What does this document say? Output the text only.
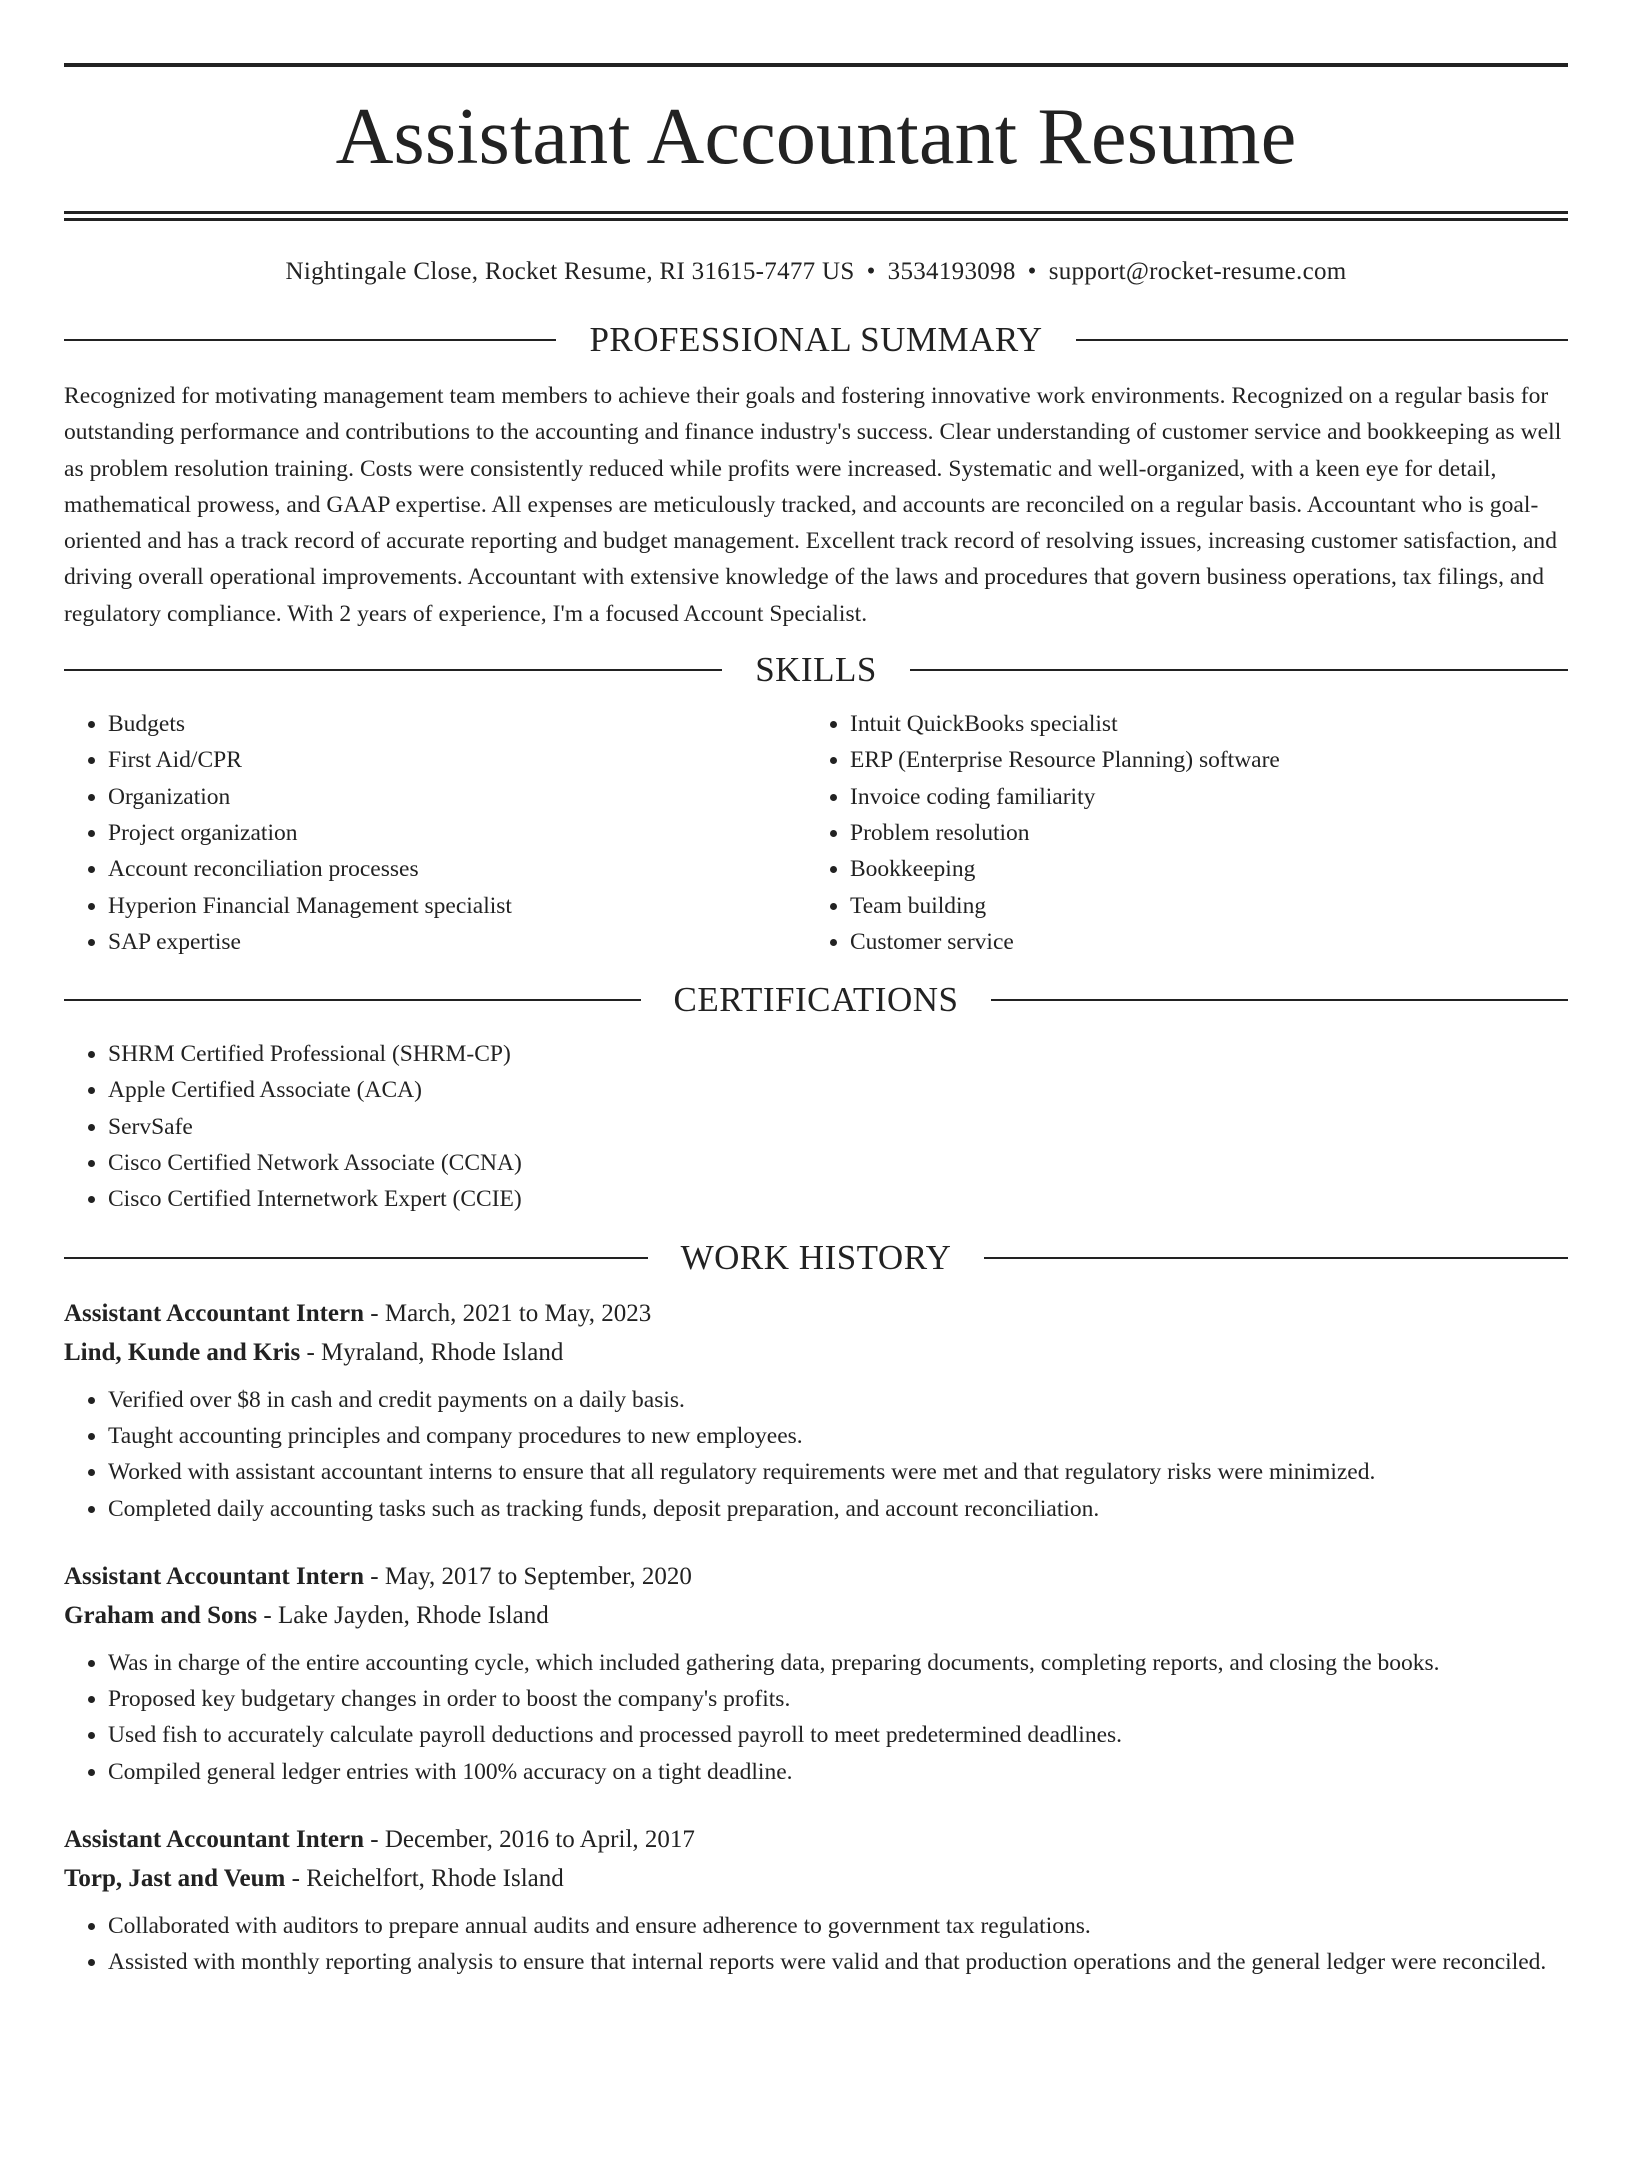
Assistant Accountant Resume
Nightingale Close, Rocket Resume, RI 31615-7477 US • 3534193098 • support@rocket-resume.com
PROFESSIONAL SUMMARY

Recognized for motivating management team members to achieve their goals and fostering innovative work environments. Recognized on a regular basis for outstanding performance and contributions to the accounting and finance industry's success. Clear understanding of customer service and bookkeeping as well as problem resolution training. Costs were consistently reduced while profits were increased. Systematic and well-organized, with a keen eye for detail, mathematical prowess, and GAAP expertise. All expenses are meticulously tracked, and accounts are reconciled on a regular basis. Accountant who is goal-oriented and has a track record of accurate reporting and budget management. Excellent track record of resolving issues, increasing customer satisfaction, and driving overall operational improvements. Accountant with extensive knowledge of the laws and procedures that govern business operations, tax filings, and regulatory compliance. With 2 years of experience, I'm a focused Account Specialist.

SKILLS
• Budgets
• First Aid/CPR
• Organization
• Project organization
• Account reconciliation processes
• Hyperion Financial Management specialist
• SAP expertise
• Intuit QuickBooks specialist
• ERP (Enterprise Resource Planning) software
• Invoice coding familiarity
• Problem resolution
• Bookkeeping
• Team building
• Customer service
CERTIFICATIONS
• SHRM Certified Professional (SHRM-CP)
• Apple Certified Associate (ACA)
• ServSafe
• Cisco Certified Network Associate (CCNA)
• Cisco Certified Internetwork Expert (CCIE)
WORK HISTORY
Assistant Accountant Intern - March, 2021 to May, 2023
Lind, Kunde and Kris - Myraland, Rhode Island
• Verified over $8 in cash and credit payments on a daily basis.
• Taught accounting principles and company procedures to new employees.
• Worked with assistant accountant interns to ensure that all regulatory requirements were met and that regulatory risks were minimized.
• Completed daily accounting tasks such as tracking funds, deposit preparation, and account reconciliation.
Assistant Accountant Intern - May, 2017 to September, 2020
Graham and Sons - Lake Jayden, Rhode Island
• Was in charge of the entire accounting cycle, which included gathering data, preparing documents, completing reports, and closing the books.
• Proposed key budgetary changes in order to boost the company's profits.
• Used fish to accurately calculate payroll deductions and processed payroll to meet predetermined deadlines.
• Compiled general ledger entries with 100% accuracy on a tight deadline.
Assistant Accountant Intern - December, 2016 to April, 2017
Torp, Jast and Veum - Reichelfort, Rhode Island
• Collaborated with auditors to prepare annual audits and ensure adherence to government tax regulations.
• Assisted with monthly reporting analysis to ensure that internal reports were valid and that production operations and the general ledger were reconciled.
